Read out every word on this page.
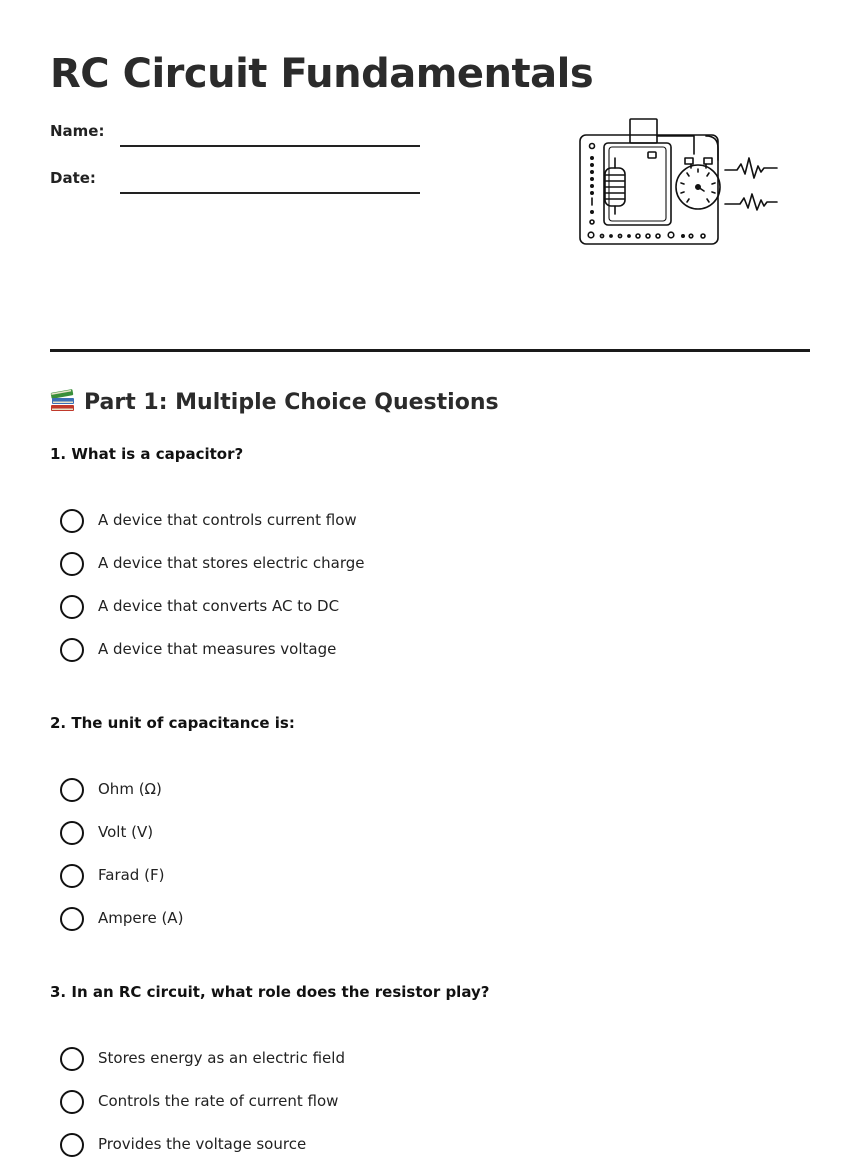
RC Circuit Fundamentals
Name:
Date:
Part 1: Multiple Choice Questions

1. What is a capacitor?

A device that controls current flow
A device that stores electric charge
A device that converts AC to DC
A device that measures voltage

2. The unit of capacitance is:

Ohm (Ω)
Volt (V)
Farad (F)
Ampere (A)

3. In an RC circuit, what role does the resistor play?

Stores energy as an electric field
Controls the rate of current flow
Provides the voltage source
